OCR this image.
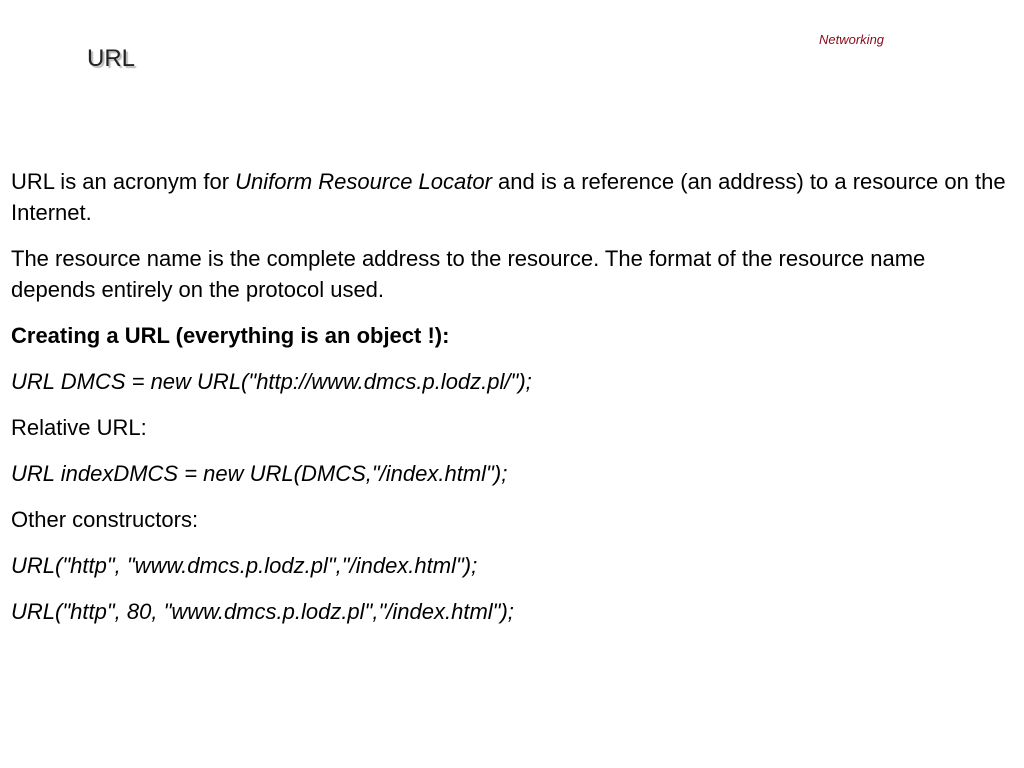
Networking
URL

URL is an acronym for Uniform Resource Locator and is a reference (an address) to a resource on the Internet.

The resource name is the complete address to the resource. The format of the resource name depends entirely on the protocol used.

Creating a URL (everything is an object !):

URL DMCS = new URL("http://www.dmcs.p.lodz.pl/");

Relative URL:

URL indexDMCS = new URL(DMCS,"/index.html");

Other constructors:

URL("http", "www.dmcs.p.lodz.pl","/index.html");

URL("http", 80, "www.dmcs.p.lodz.pl","/index.html");
